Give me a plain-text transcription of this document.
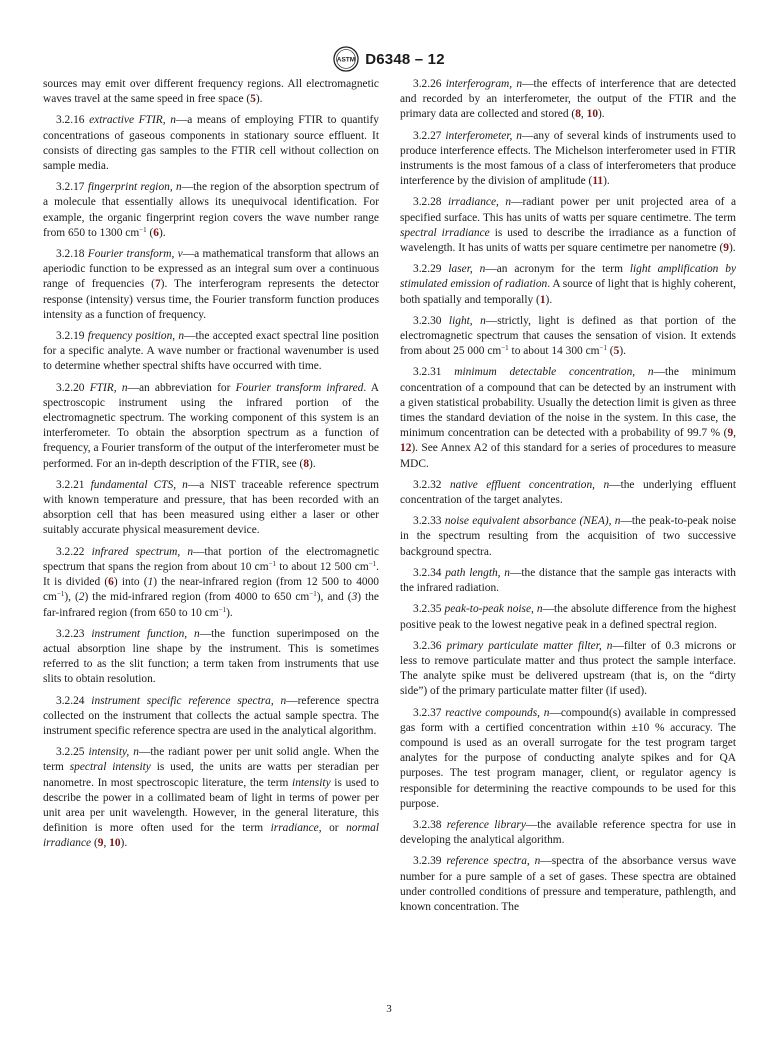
ASTM D6348 – 12

sources may emit over different frequency regions. All electromagnetic waves travel at the same speed in free space (5).

3.2.16 extractive FTIR, n—a means of employing FTIR to quantify concentrations of gaseous components in stationary source effluent. It consists of directing gas samples to the FTIR cell without collection on sample media.

3.2.17 fingerprint region, n—the region of the absorption spectrum of a molecule that essentially allows its unequivocal identification. For example, the organic fingerprint region covers the wave number range from 650 to 1300 $cm^{-1}$ (6).

3.2.18 Fourier transform, v—a mathematical transform that allows an aperiodic function to be expressed as an integral sum over a continuous range of frequencies (7). The interferogram represents the detector response (intensity) versus time, the Fourier transform function produces intensity as a function of frequency.

3.2.19 frequency position, n—the accepted exact spectral line position for a specific analyte. A wave number or fractional wavenumber is used to determine whether spectral shifts have occurred with time.

3.2.20 FTIR, n—an abbreviation for Fourier transform infrared. A spectroscopic instrument using the infrared portion of the electromagnetic spectrum. The working component of this system is an interferometer. To obtain the absorption spectrum as a function of frequency, a Fourier transform of the output of the interferometer must be performed. For an in-depth description of the FTIR, see (8).

3.2.21 fundamental CTS, n—a NIST traceable reference spectrum with known temperature and pressure, that has been recorded with an absorption cell that has been measured using either a laser or other suitably accurate physical measurement device.

3.2.22 infrared spectrum, n—that portion of the electromagnetic spectrum that spans the region from about 10 $cm^{-1}$ to about 12 500 $cm^{-1}$. It is divided (6) into (1) the near-infrared region (from 12 500 to 4000 $cm^{-1}$), (2) the mid-infrared region (from 4000 to 650 $cm^{-1}$), and (3) the far-infrared region (from 650 to 10 $cm^{-1}$).

3.2.23 instrument function, n—the function superimposed on the actual absorption line shape by the instrument. This is sometimes referred to as the slit function; a term taken from instruments that use slits to obtain resolution.

3.2.24 instrument specific reference spectra, n—reference spectra collected on the instrument that collects the actual sample spectra. The instrument specific reference spectra are used in the analytical algorithm.

3.2.25 intensity, n—the radiant power per unit solid angle. When the term spectral intensity is used, the units are watts per steradian per nanometre. In most spectroscopic literature, the term intensity is used to describe the power in a collimated beam of light in terms of power per unit area per unit wavelength. However, in the general literature, this definition is more often used for the term irradiance, or normal irradiance (9, 10).

3.2.26 interferogram, n—the effects of interference that are detected and recorded by an interferometer, the output of the FTIR and the primary data are collected and stored (8, 10).

3.2.27 interferometer, n—any of several kinds of instruments used to produce interference effects. The Michelson interferometer used in FTIR instruments is the most famous of a class of interferometers that produce interference by the division of amplitude (11).

3.2.28 irradiance, n—radiant power per unit projected area of a specified surface. This has units of watts per square centimetre. The term spectral irradiance is used to describe the irradiance as a function of wavelength. It has units of watts per square centimetre per nanometre (9).

3.2.29 laser, n—an acronym for the term light amplification by stimulated emission of radiation. A source of light that is highly coherent, both spatially and temporally (1).

3.2.30 light, n—strictly, light is defined as that portion of the electromagnetic spectrum that causes the sensation of vision. It extends from about 25 000 $cm^{-1}$ to about 14 300 $cm^{-1}$ (5).

3.2.31 minimum detectable concentration, n—the minimum concentration of a compound that can be detected by an instrument with a given statistical probability. Usually the detection limit is given as three times the standard deviation of the noise in the system. In this case, the minimum concentration can be detected with a probability of 99.7 % (9, 12). See Annex A2 of this standard for a series of procedures to measure MDC.

3.2.32 native effluent concentration, n—the underlying effluent concentration of the target analytes.

3.2.33 noise equivalent absorbance (NEA), n—the peak-to-peak noise in the spectrum resulting from the acquisition of two successive background spectra.

3.2.34 path length, n—the distance that the sample gas interacts with the infrared radiation.

3.2.35 peak-to-peak noise, n—the absolute difference from the highest positive peak to the lowest negative peak in a defined spectral region.

3.2.36 primary particulate matter filter, n—filter of 0.3 microns or less to remove particulate matter and thus protect the sample interface. The analyte spike must be delivered upstream (that is, on the “dirty side”) of the primary particulate matter filter (if used).

3.2.37 reactive compounds, n—compound(s) available in compressed gas form with a certified concentration within ±10 % accuracy. The compound is used as an overall surrogate for the test program target analytes for the purpose of conducting analyte spikes and for QA purposes. The test program manager, client, or regulator agency is responsible for determining the reactive compounds to be used for this purpose.

3.2.38 reference library—the available reference spectra for use in developing the analytical algorithm.

3.2.39 reference spectra, n—spectra of the absorbance versus wave number for a pure sample of a set of gases. These spectra are obtained under controlled conditions of pressure and temperature, pathlength, and known concentration. The

3
